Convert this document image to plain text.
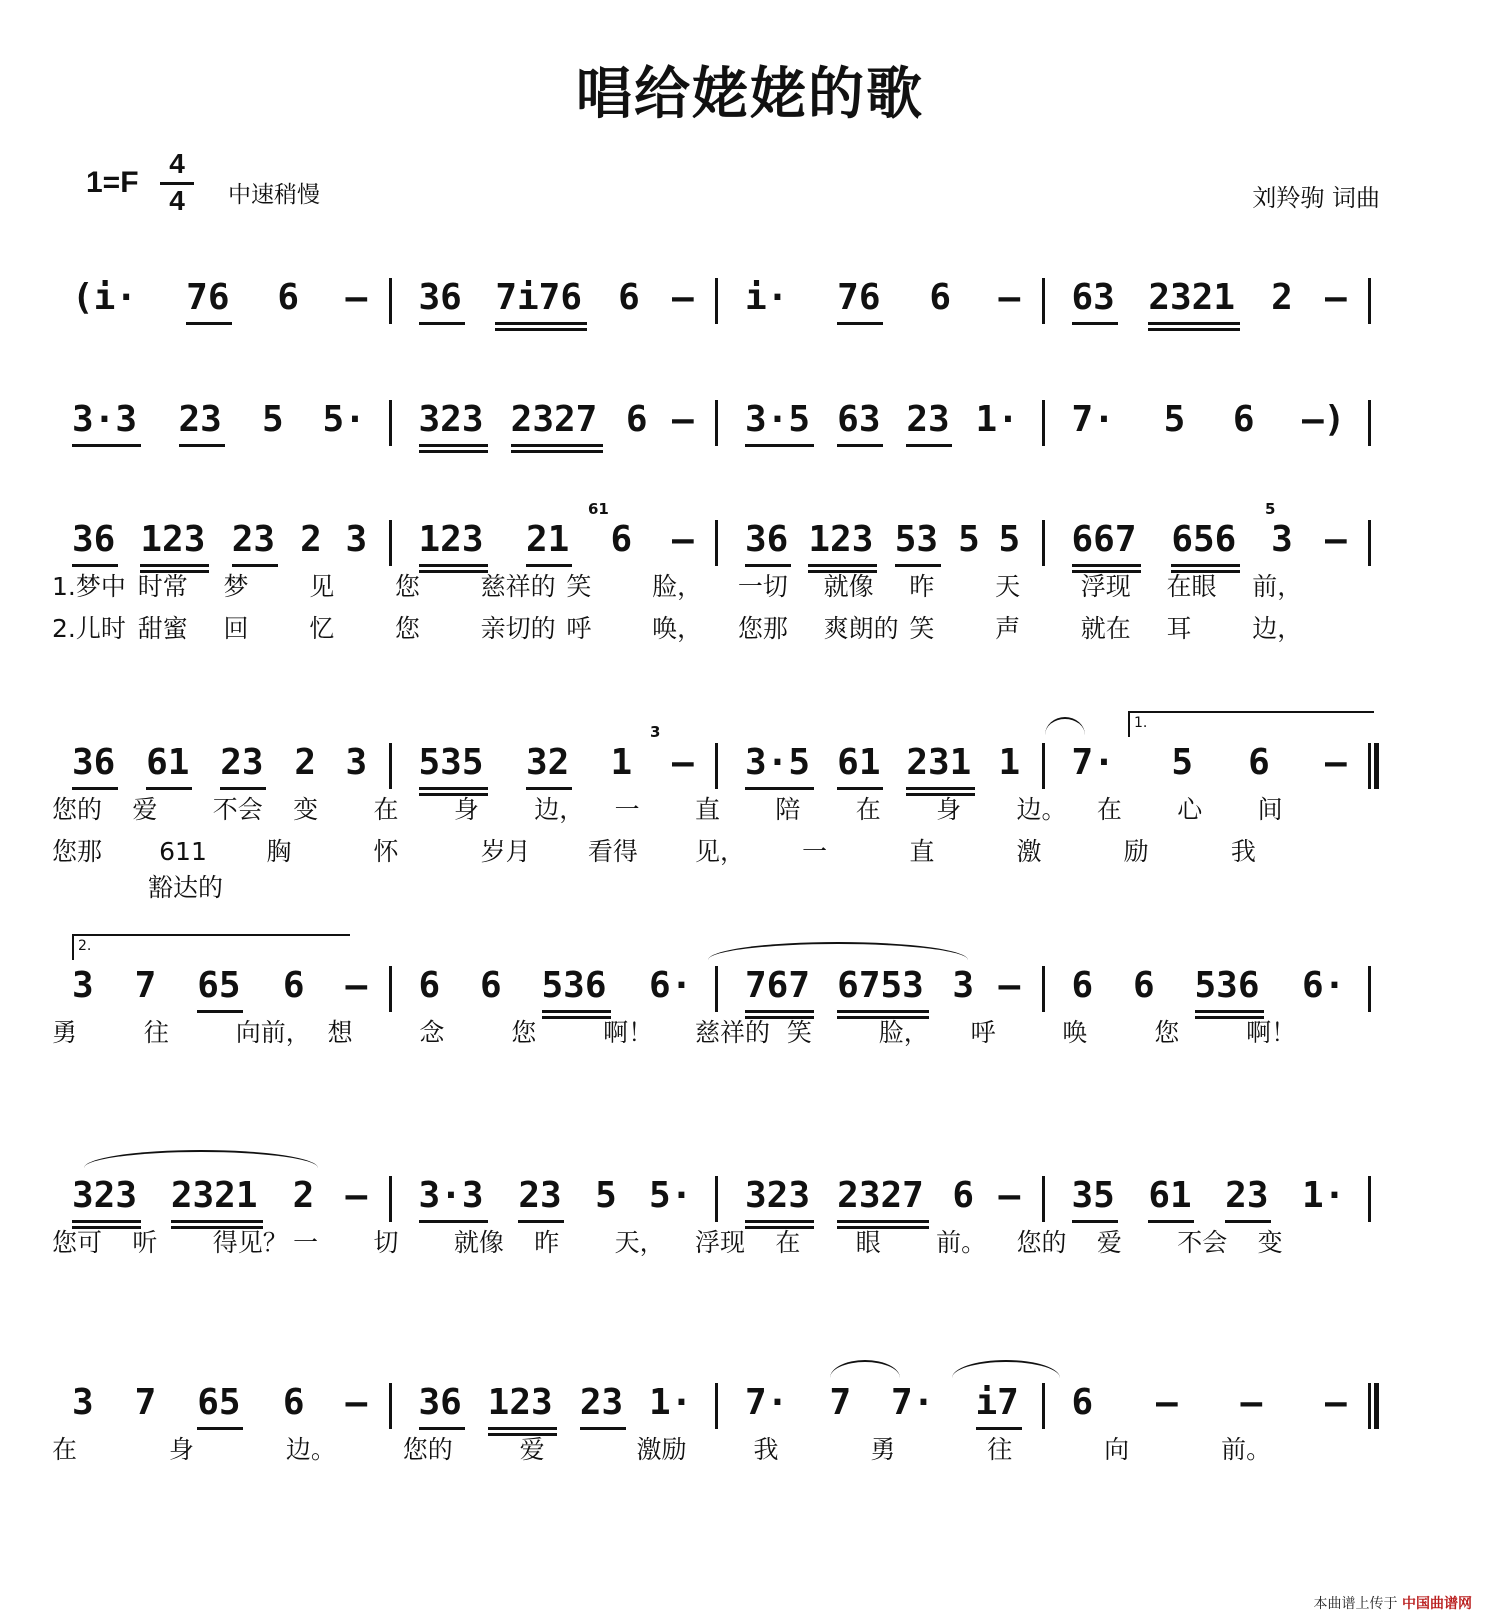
唱给姥姥的歌
1=F
4
4	中速稍慢	刘羚驹 词曲
(i· 76 6 – 36 7i76 6 – i· 76 6 – 63 2321 2 –
3·3 23 5 5· 323 2327 6 – 3·5 63 23 1· 7· 5 6 –)
36 123 23 2 3 123 21 6 – 36 123 53 5 5 667 656 3 –
61	5
1.梦中 时常 梦 见 您 慈祥的 笑 脸， 一切 就像 昨 天 浮现 在眼 前，
2.儿时 甜蜜 回 忆 您 亲切的 呼 唤， 您那 爽朗的 笑 声 就在 耳 边，
36 61 23 2 3 535 32 1 – 3·5 61 231 1 7· 5 6 –
3	1.
您的 爱 不会 变 在 身 边， 一 直 陪 在 身 边。 在 心 间
您那 611 胸	怀	岁月 看得 见， 一	直	激	励	我
豁达的
3 7 65 6 – 6 6 536 6· 767 6753 3 – 6 6 536 6·
2.
勇	往	向前， 想	念	您	啊！ 慈祥的 笑	脸， 呼	唤	您	啊！
323 2321 2 – 3·3 23 5 5· 323 2327 6 – 35 61 23 1·
您可 听 得见？ 一 切 就像 昨 天， 浮现 在 眼 前。 您的 爱 不会 变
3 7 65 6 – 36 123 23 1· 7· 7 7· i7 6 – – –
在	身	边。	您的	爱	激励	我	勇	往	向	前。
本曲谱上传于 中国曲谱网
